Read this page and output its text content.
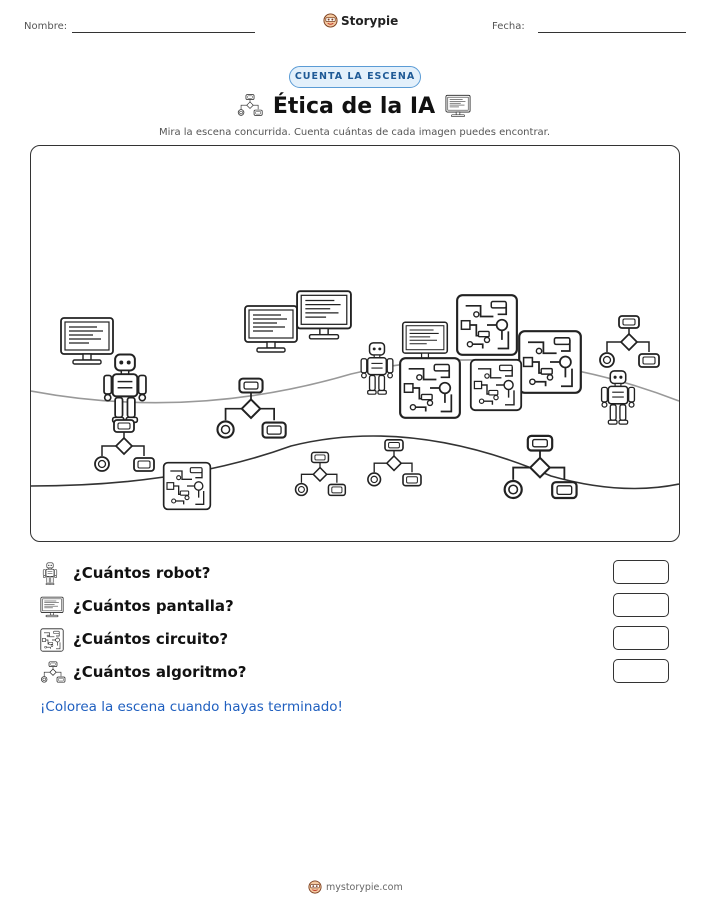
Nombre:	Storypie	Fecha:
CUENTA LA ESCENA
Ética de la IA
Mira la escena concurrida. Cuenta cuántas de cada imagen puedes encontrar.
¿Cuántos robot?
¿Cuántos pantalla?
¿Cuántos circuito?
¿Cuántos algoritmo?
¡Colorea la escena cuando hayas terminado!
mystorypie.com
